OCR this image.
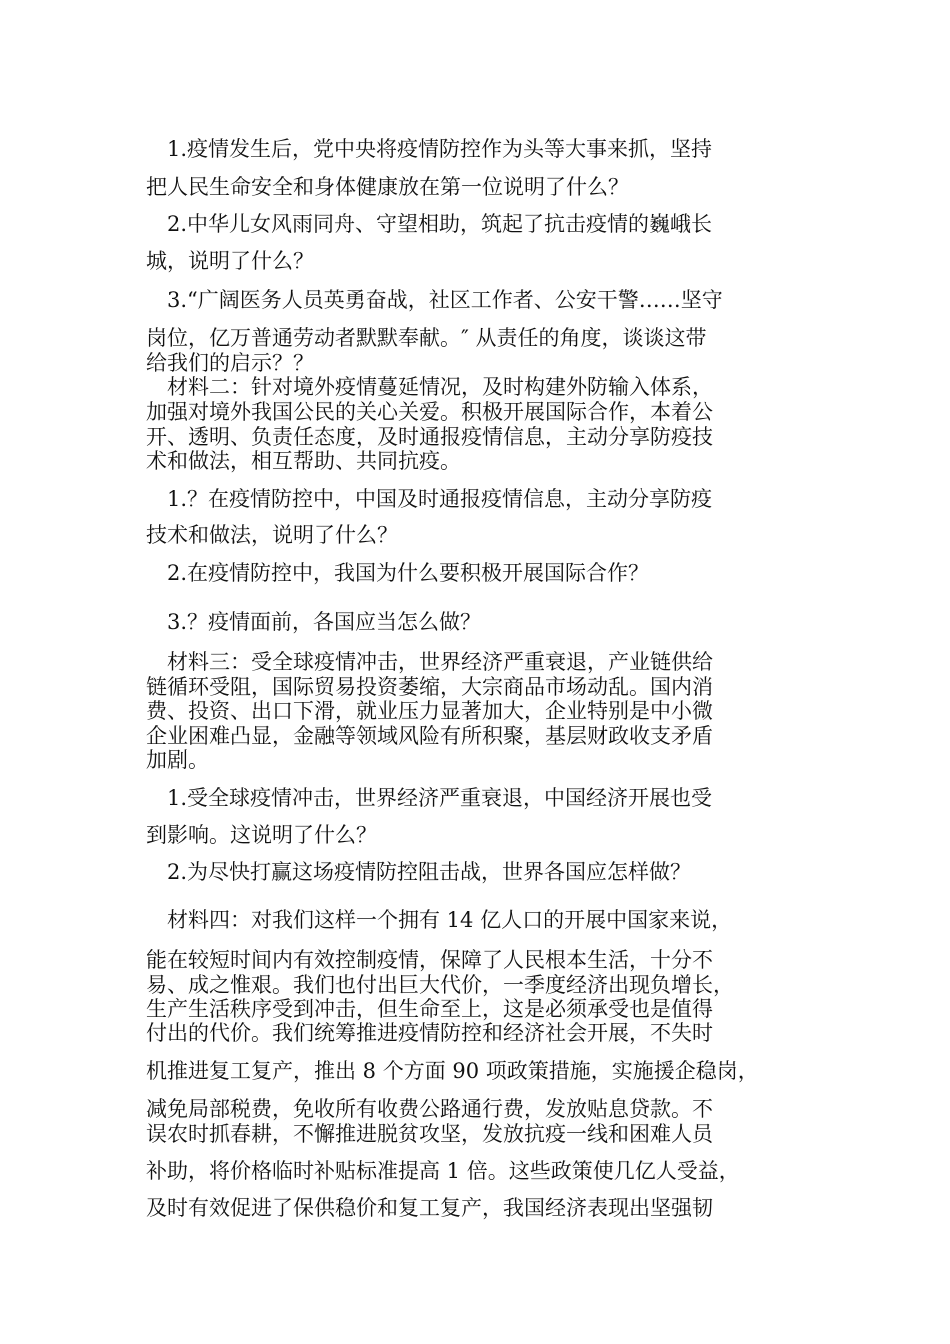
1.疫情发生后，党中央将疫情防控作为头等大事来抓，坚持

把人民生命安全和身体健康放在第一位说明了什么？

2.中华儿女风雨同舟、守望相助，筑起了抗击疫情的巍峨长

城，说明了什么？

3.“广阔医务人员英勇奋战，社区工作者、公安干警……坚守

岗位，亿万普通劳动者默默奉献。″ 从责任的角度，谈谈这带

给我们的启示？？

材料二：针对境外疫情蔓延情况，及时构建外防输入体系，

加强对境外我国公民的关心关爱。积极开展国际合作，本着公

开、透明、负责任态度，及时通报疫情信息，主动分享防疫技

术和做法，相互帮助、共同抗疫。

1.？在疫情防控中，中国及时通报疫情信息，主动分享防疫

技术和做法，说明了什么？

2.在疫情防控中，我国为什么要积极开展国际合作？

3.？疫情面前，各国应当怎么做？

材料三：受全球疫情冲击，世界经济严重衰退，产业链供给

链循环受阻，国际贸易投资萎缩，大宗商品市场动乱。国内消

费、投资、出口下滑，就业压力显著加大，企业特别是中小微

企业困难凸显，金融等领域风险有所积聚，基层财政收支矛盾

加剧。

1.受全球疫情冲击，世界经济严重衰退，中国经济开展也受

到影响。这说明了什么？

2.为尽快打赢这场疫情防控阻击战，世界各国应怎样做？

材料四：对我们这样一个拥有 14 亿人口的开展中国家来说，

能在较短时间内有效控制疫情，保障了人民根本生活，十分不

易、成之惟艰。我们也付出巨大代价，一季度经济出现负增长，

生产生活秩序受到冲击，但生命至上，这是必须承受也是值得

付出的代价。我们统筹推进疫情防控和经济社会开展，不失时

机推进复工复产，推出 8 个方面 90 项政策措施，实施援企稳岗，

减免局部税费，免收所有收费公路通行费，发放贴息贷款。不

误农时抓春耕，不懈推进脱贫攻坚，发放抗疫一线和困难人员

补助，将价格临时补贴标准提高 1 倍。这些政策使几亿人受益，

及时有效促进了保供稳价和复工复产，我国经济表现出坚强韧
